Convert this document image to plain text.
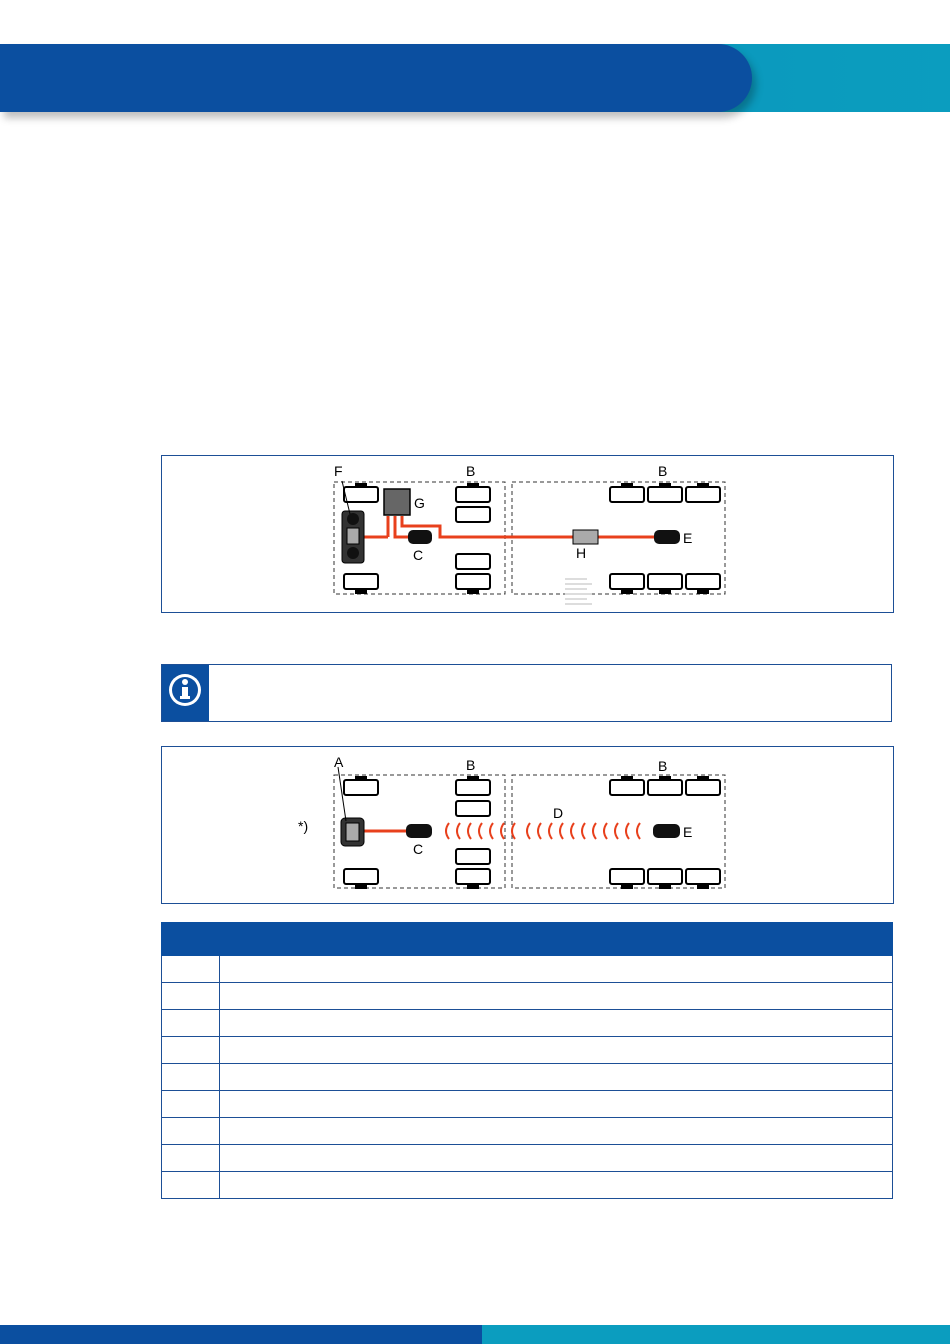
F	B	B
G
C	H
E
A	B	B
D
C
E
*)
